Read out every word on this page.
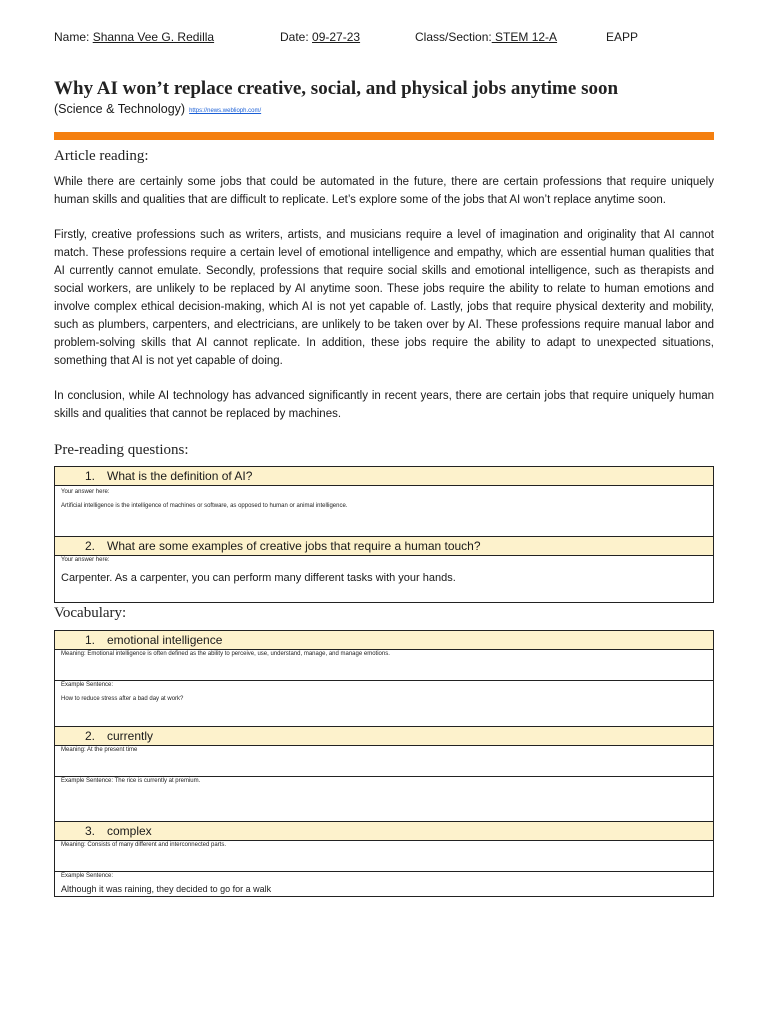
Name: Shanna Vee G. Redilla	Date: 09-27-23	Class/Section: STEM 12-A	EAPP
Why AI won’t replace creative, social, and physical jobs anytime soon
(Science & Technology) https://news.weblioph.com/
Article reading:

While there are certainly some jobs that could be automated in the future, there are certain professions that require uniquely human skills and qualities that are difficult to replicate. Let’s explore some of the jobs that AI won’t replace anytime soon.

Firstly, creative professions such as writers, artists, and musicians require a level of imagination and originality that AI cannot match. These professions require a certain level of emotional intelligence and empathy, which are essential human qualities that AI currently cannot emulate. Secondly, professions that require social skills and emotional intelligence, such as therapists and social workers, are unlikely to be replaced by AI anytime soon. These jobs require the ability to relate to human emotions and involve complex ethical decision-making, which AI is not yet capable of. Lastly, jobs that require physical dexterity and mobility, such as plumbers, carpenters, and electricians, are unlikely to be taken over by AI. These professions require manual labor and problem-solving skills that AI cannot replicate. In addition, these jobs require the ability to adapt to unexpected situations, something that AI is not yet capable of doing.

In conclusion, while AI technology has advanced significantly in recent years, there are certain jobs that require uniquely human skills and qualities that cannot be replaced by machines.

Pre-reading questions:
1. What is the definition of AI?
Your answer here:
Artificial intelligence is the intelligence of machines or software, as opposed to human or animal intelligence.
2. What are some examples of creative jobs that require a human touch?
Your answer here:
Carpenter. As a carpenter, you can perform many different tasks with your hands.
Vocabulary:
1. emotional intelligence
Meaning: Emotional intelligence is often defined as the ability to perceive, use, understand, manage, and manage emotions.
Example Sentence:
How to reduce stress after a bad day at work?
2. currently
Meaning: At the present time
Example Sentence: The rice is currently at premium.
3. complex
Meaning: Consists of many different and interconnected parts.
Example Sentence:
Although it was raining, they decided to go for a walk
